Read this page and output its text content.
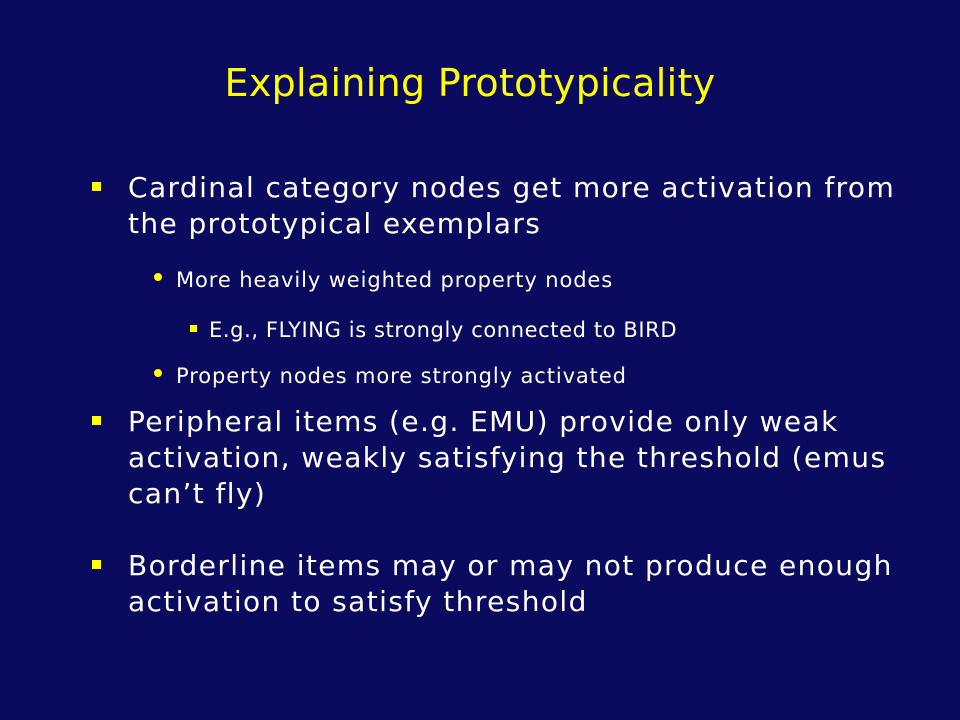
Explaining Prototypicality
Cardinal category nodes get more activation from the prototypical exemplars
More heavily weighted property nodes
E.g., FLYING is strongly connected to BIRD
Property nodes more strongly activated
Peripheral items (e.g. EMU) provide only weak activation, weakly satisfying the threshold (emus can’t fly)
Borderline items may or may not produce enough activation to satisfy threshold
